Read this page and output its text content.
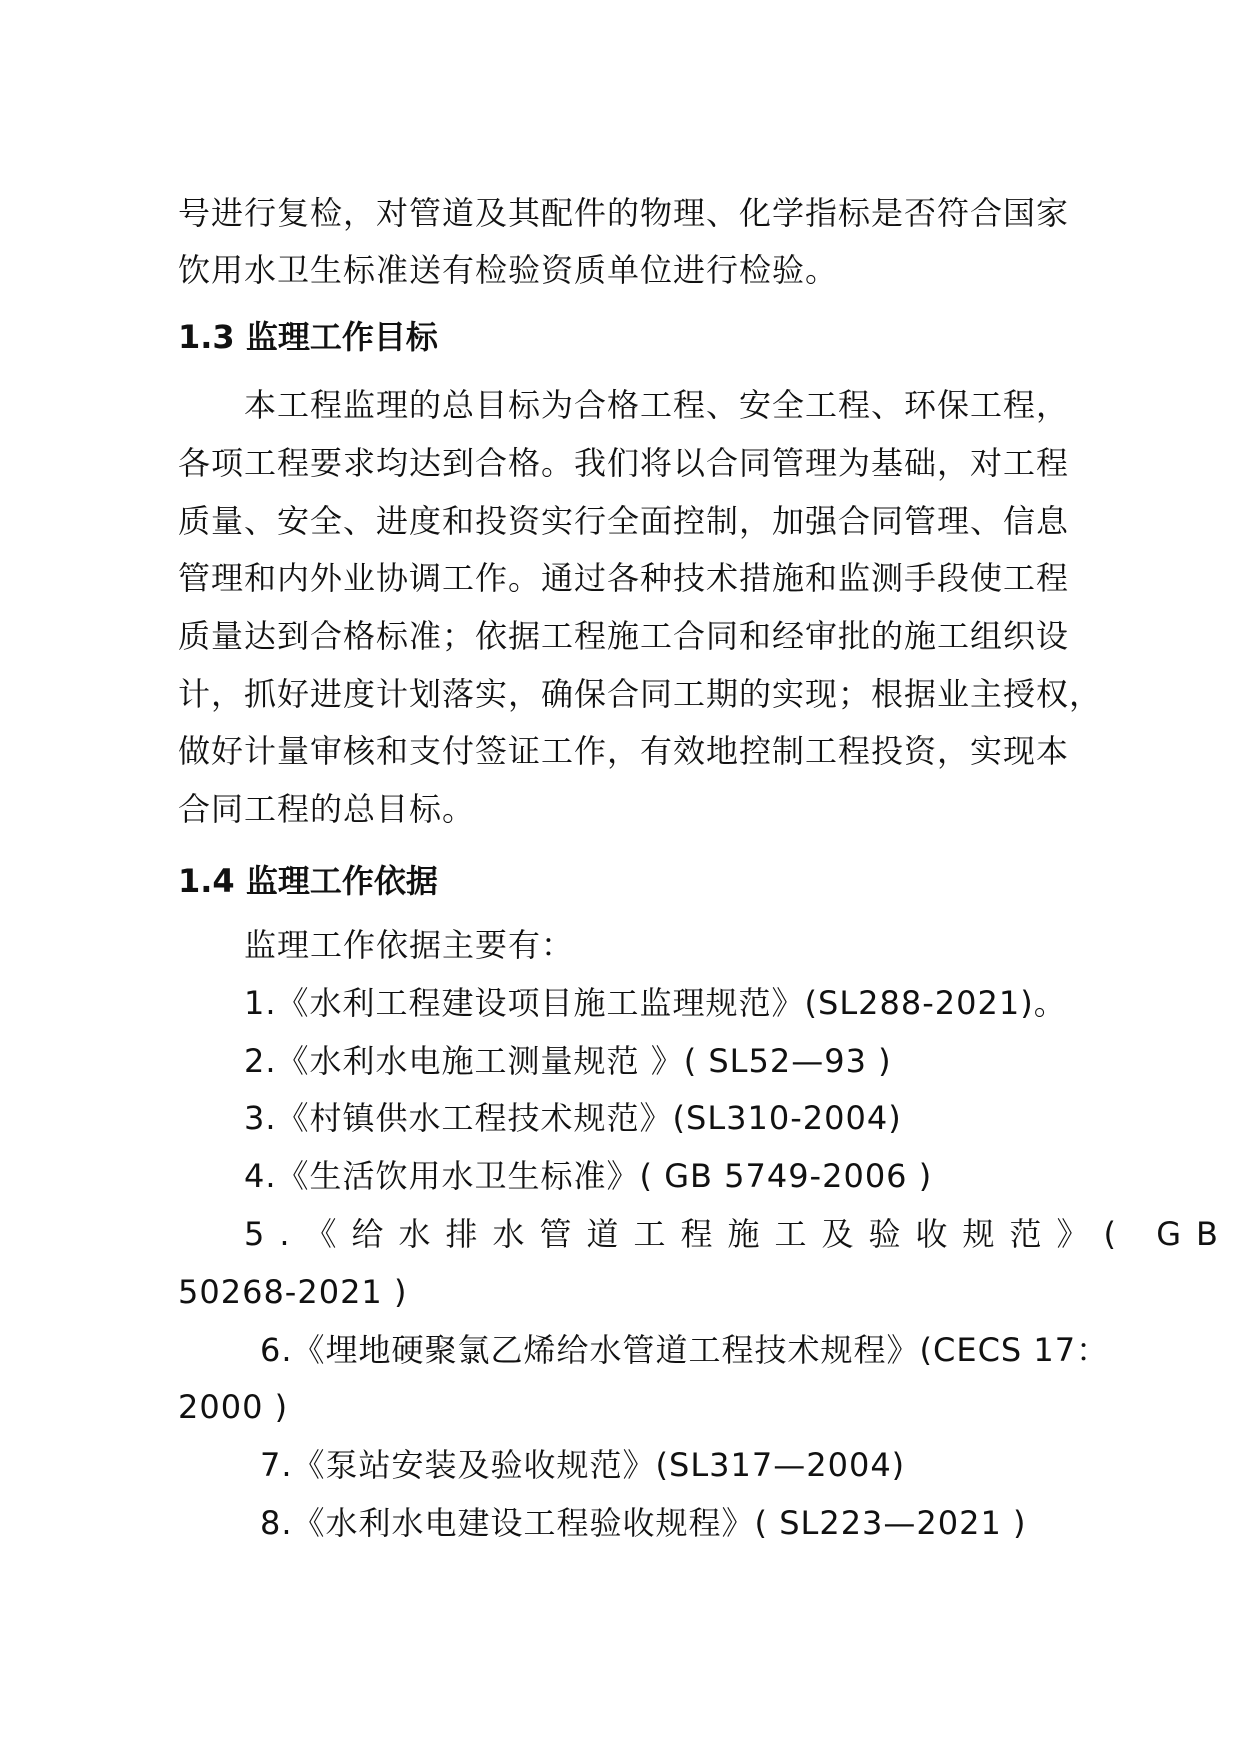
号进行复检，对管道及其配件的物理、化学指标是否符合国家
饮用水卫生标准送有检验资质单位进行检验。
1.3 监理工作目标
本工程监理的总目标为合格工程、安全工程、环保工程，
各项工程要求均达到合格。我们将以合同管理为基础，对工程
质量、安全、进度和投资实行全面控制，加强合同管理、信息
管理和内外业协调工作。通过各种技术措施和监测手段使工程
质量达到合格标准；依据工程施工合同和经审批的施工组织设
计，抓好进度计划落实，确保合同工期的实现；根据业主授权，
做好计量审核和支付签证工作，有效地控制工程投资，实现本
合同工程的总目标。
1.4 监理工作依据
监理工作依据主要有：
1.《水利工程建设项目施工监理规范》(SL288-2021)。
2.《水利水电施工测量规范 》( SL52—93 )
3.《村镇供水工程技术规范》(SL310-2004)
4.《生活饮用水卫生标准》( GB 5749-2006 )
5.《给水排水管道工程施工及验收规范》( GB
50268-2021 )
6.《埋地硬聚氯乙烯给水管道工程技术规程》(CECS 17：
2000 )
7.《泵站安装及验收规范》(SL317—2004)
8.《水利水电建设工程验收规程》( SL223—2021 )
